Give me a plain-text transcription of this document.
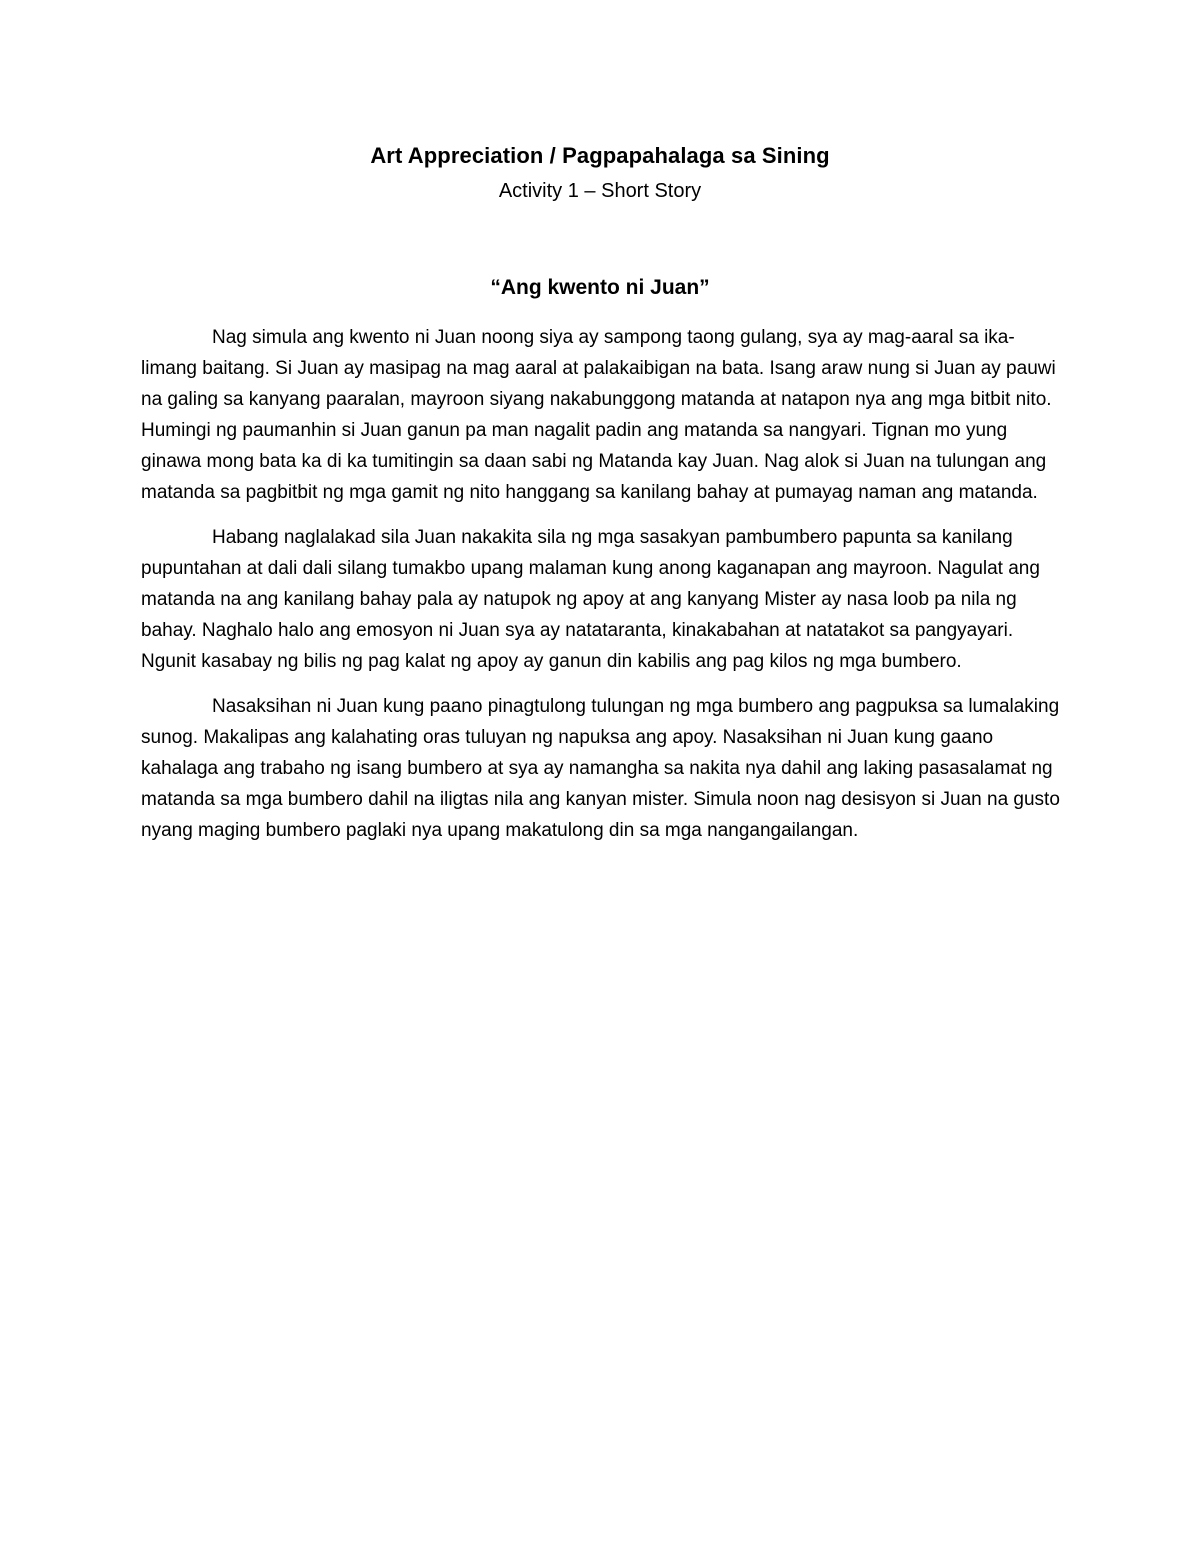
Art Appreciation / Pagpapahalaga sa Sining
Activity 1 – Short Story
“Ang kwento ni Juan”

Nag simula ang kwento ni Juan noong siya ay sampong taong gulang, sya ay mag-aaral sa ika-limang baitang. Si Juan ay masipag na mag aaral at palakaibigan na bata. Isang araw nung si Juan ay pauwi na galing sa kanyang paaralan, mayroon siyang nakabunggong matanda at natapon nya ang mga bitbit nito. Humingi ng paumanhin si Juan ganun pa man nagalit padin ang matanda sa nangyari. Tignan mo yung ginawa mong bata ka di ka tumitingin sa daan sabi ng Matanda kay Juan. Nag alok si Juan na tulungan ang matanda sa pagbitbit ng mga gamit ng nito hanggang sa kanilang bahay at pumayag naman ang matanda.

Habang naglalakad sila Juan nakakita sila ng mga sasakyan pambumbero papunta sa kanilang pupuntahan at dali dali silang tumakbo upang malaman kung anong kaganapan ang mayroon. Nagulat ang matanda na ang kanilang bahay pala ay natupok ng apoy at ang kanyang Mister ay nasa loob pa nila ng bahay. Naghalo halo ang emosyon ni Juan sya ay natataranta, kinakabahan at natatakot sa pangyayari. Ngunit kasabay ng bilis ng pag kalat ng apoy ay ganun din kabilis ang pag kilos ng mga bumbero.

Nasaksihan ni Juan kung paano pinagtulong tulungan ng mga bumbero ang pagpuksa sa lumalaking sunog. Makalipas ang kalahating oras tuluyan ng napuksa ang apoy. Nasaksihan ni Juan kung gaano kahalaga ang trabaho ng isang bumbero at sya ay namangha sa nakita nya dahil ang laking pasasalamat ng matanda sa mga bumbero dahil na iligtas nila ang kanyan mister. Simula noon nag desisyon si Juan na gusto nyang maging bumbero paglaki nya upang makatulong din sa mga nangangailangan.
